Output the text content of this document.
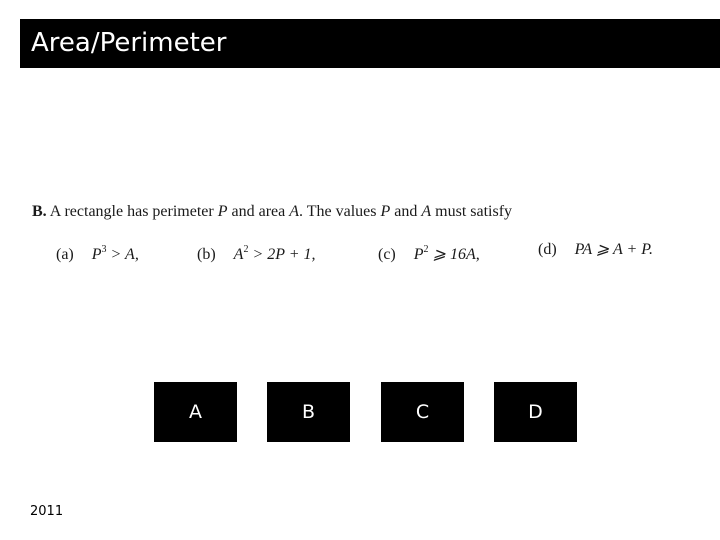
Area/Perimeter
B. A rectangle has perimeter P and area A. The values P and A must satisfy
(a) $P^3 > A$,	(b) $A^2 > 2P + 1$,	(c) $P^2$ ⩾ 16A,	(d) PA ⩾ A + P.
A	B	C	D
2011
